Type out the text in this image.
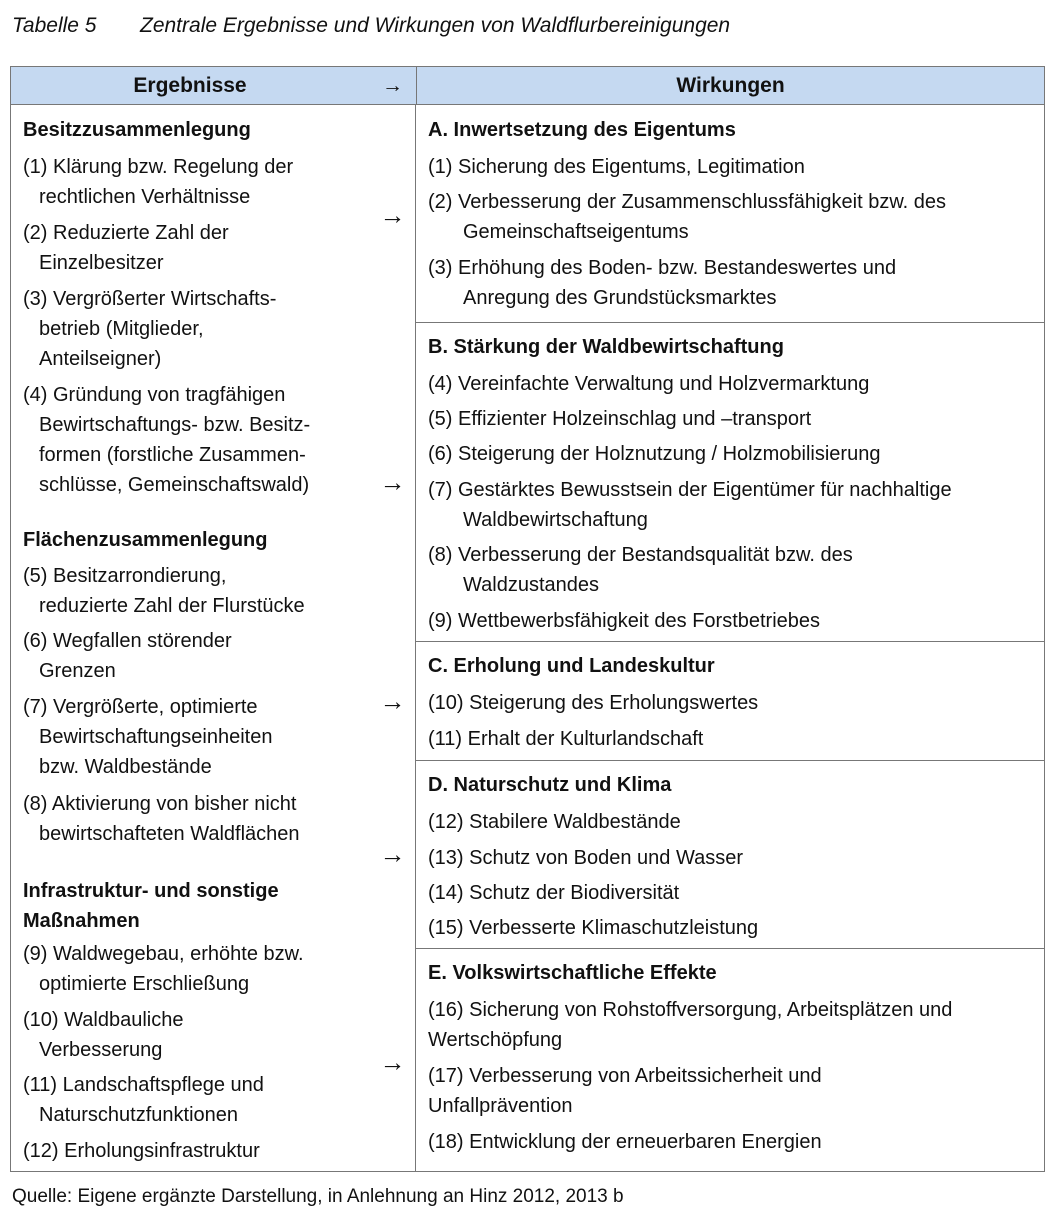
Tabelle 5 Zentrale Ergebnisse und Wirkungen von Waldflurbereinigungen
Ergebnisse	→	Wirkungen
Besitzzusammenlegung
(1) Klärung bzw. Regelung der
rechtlichen Verhältnisse
(2) Reduzierte Zahl der
Einzelbesitzer
(3) Vergrößerter Wirtschafts-
betrieb (Mitglieder,
Anteilseigner)
(4) Gründung von tragfähigen
Bewirtschaftungs- bzw. Besitz-
formen (forstliche Zusammen-
schlüsse, Gemeinschaftswald)
Flächenzusammenlegung
(5) Besitzarrondierung,
reduzierte Zahl der Flurstücke
(6) Wegfallen störender
Grenzen
(7) Vergrößerte, optimierte
Bewirtschaftungseinheiten
bzw. Waldbestände
(8) Aktivierung von bisher nicht
bewirtschafteten Waldflächen
Infrastruktur- und sonstige
Maßnahmen
(9) Waldwegebau, erhöhte bzw.
optimierte Erschließung
(10) Waldbauliche
Verbesserung
(11) Landschaftspflege und
Naturschutzfunktionen
(12) Erholungsinfrastruktur
→
→
→
→
→
A. Inwertsetzung des Eigentums
(1) Sicherung des Eigentums, Legitimation
(2) Verbesserung der Zusammenschlussfähigkeit bzw. des
Gemeinschaftseigentums
(3) Erhöhung des Boden- bzw. Bestandeswertes und
Anregung des Grundstücksmarktes
B. Stärkung der Waldbewirtschaftung
(4) Vereinfachte Verwaltung und Holzvermarktung
(5) Effizienter Holzeinschlag und –transport
(6) Steigerung der Holznutzung / Holzmobilisierung
(7) Gestärktes Bewusstsein der Eigentümer für nachhaltige
Waldbewirtschaftung
(8) Verbesserung der Bestandsqualität bzw. des
Waldzustandes
(9) Wettbewerbsfähigkeit des Forstbetriebes
C. Erholung und Landeskultur
(10) Steigerung des Erholungswertes
(11) Erhalt der Kulturlandschaft
D. Naturschutz und Klima
(12) Stabilere Waldbestände
(13) Schutz von Boden und Wasser
(14) Schutz der Biodiversität
(15) Verbesserte Klimaschutzleistung
E. Volkswirtschaftliche Effekte
(16) Sicherung von Rohstoffversorgung, Arbeitsplätzen und
Wertschöpfung
(17) Verbesserung von Arbeitssicherheit und
Unfallprävention
(18) Entwicklung der erneuerbaren Energien
Quelle: Eigene ergänzte Darstellung, in Anlehnung an Hinz 2012, 2013 b
